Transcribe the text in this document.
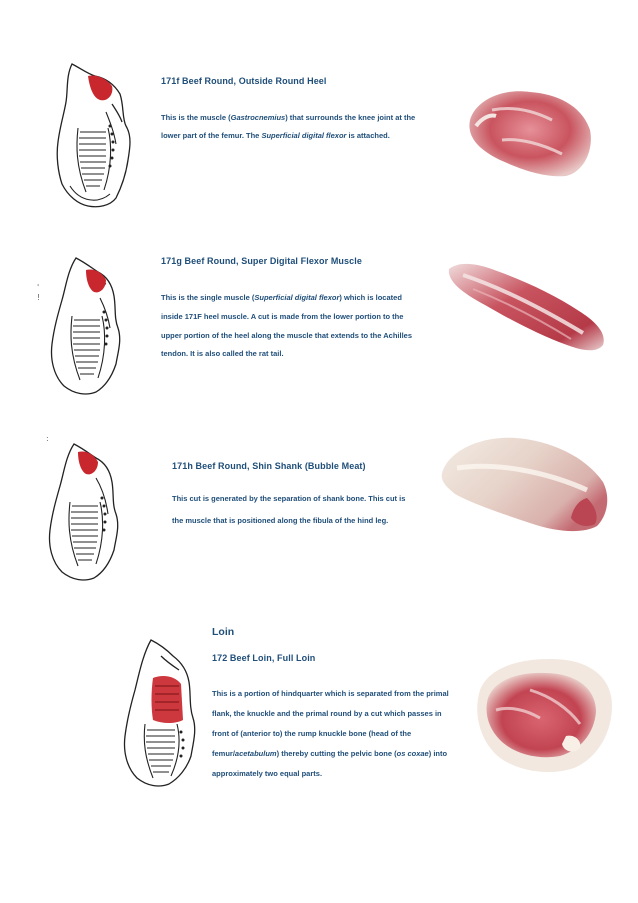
171f Beef Round, Outside Round Heel
This is the muscle (Gastrocnemius) that surrounds the knee joint at the
lower part of the femur. The Superficial digital flexor is attached.
'
!
171g Beef Round, Super Digital Flexor Muscle
This is the single muscle (Superficial digital flexor) which is located
inside 171F heel muscle. A cut is made from the lower portion to the
upper portion of the heel along the muscle that extends to the Achilles
tendon. It is also called the rat tail.
:
171h Beef Round, Shin Shank (Bubble Meat)
This cut is generated by the separation of shank bone. This cut is
the muscle that is positioned along the fibula of the hind leg.
Loin
172 Beef Loin, Full Loin
This is a portion of hindquarter which is separated from the primal
flank, the knuckle and the primal round by a cut which passes in
front of (anterior to) the rump knuckle bone (head of the
femur/acetabulum) thereby cutting the pelvic bone (os coxae) into
approximately two equal parts.
